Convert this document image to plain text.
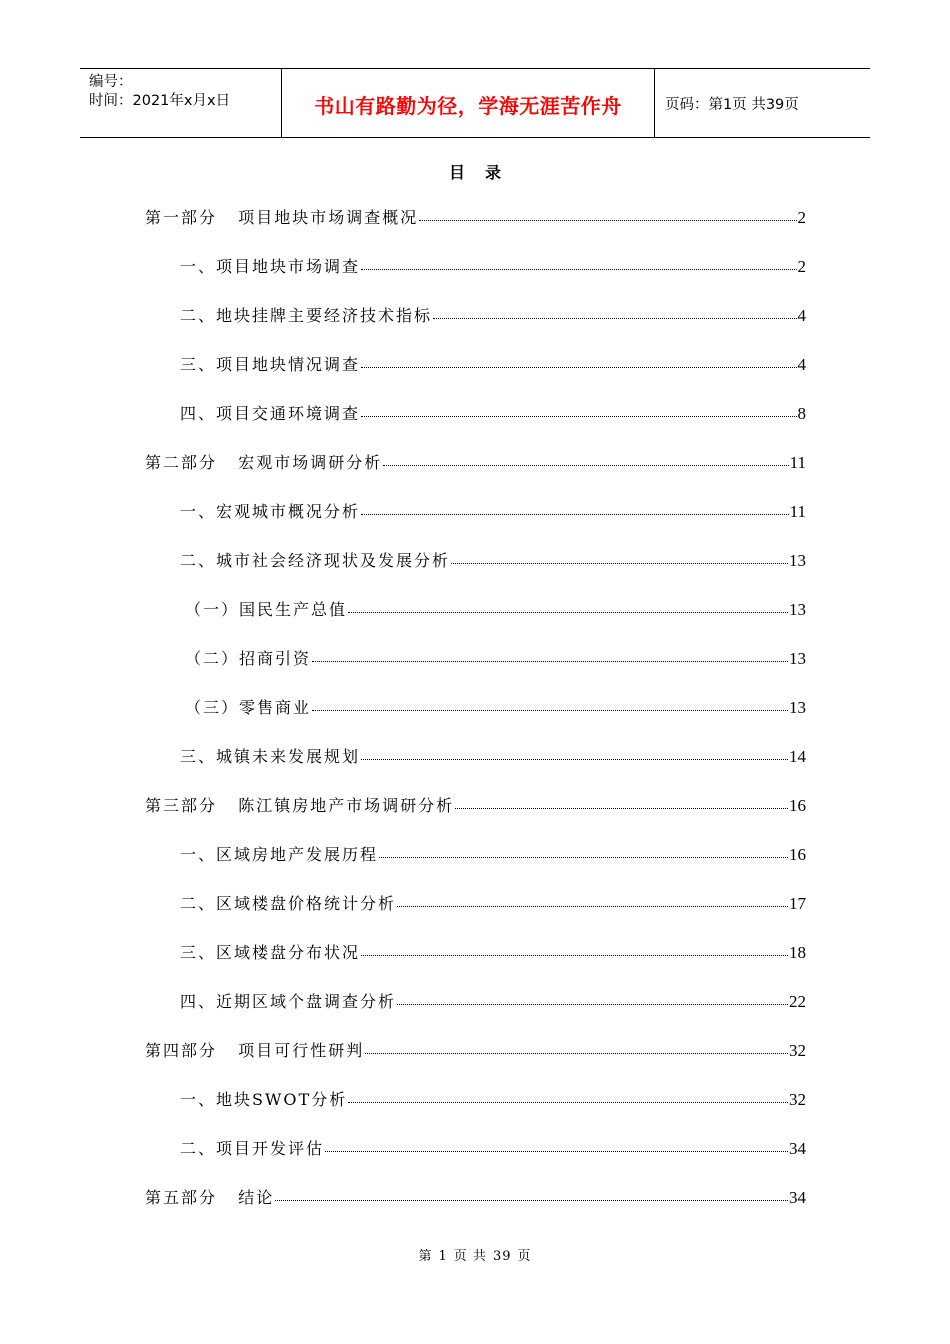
编号：
时间：2021年x月x日	书山有路勤为径，学海无涯苦作舟	页码：第1页 共39页
目录
第一部分   项目地块市场调查概况	2
一、项目地块市场调查	2
二、地块挂牌主要经济技术指标	4
三、项目地块情况调查	4
四、项目交通环境调查	8
第二部分   宏观市场调研分析	11
一、宏观城市概况分析	11
二、城市社会经济现状及发展分析	13
（一）国民生产总值	13
（二）招商引资	13
（三）零售商业	13
三、城镇未来发展规划	14
第三部分   陈江镇房地产市场调研分析	16
一、区域房地产发展历程	16
二、区域楼盘价格统计分析	17
三、区域楼盘分布状况	18
四、近期区域个盘调查分析	22
第四部分   项目可行性研判	32
一、地块SWOT分析	32
二、项目开发评估	34
第五部分   结论	34
第 1 页 共 39 页
